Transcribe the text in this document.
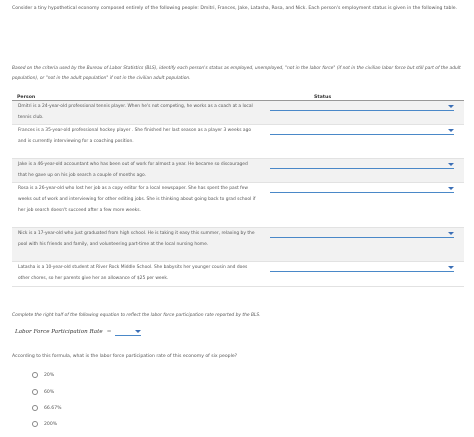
Consider a tiny hypothetical economy composed entirely of the following people: Dmitri, Frances, Jake, Latasha, Rosa, and Nick. Each person's employment status is given in the following table.
Based on the criteria used by the Bureau of Labor Statistics (BLS), identify each person's status as employed, unemployed, "not in the labor force" (if not in the civilian labor force but still part of the adult population), or "not in the adult population" if not in the civilian adult population.
Person	Status
Dmitri is a 24-year-old professional tennis player. When he's not competing, he works as a coach at a local tennis club.
Frances is a 35-year-old professional hockey player . She finished her last season as a player 3 weeks ago and is currently interviewing for a coaching position.
Jake is a 46-year-old accountant who has been out of work for almost a year. He became so discouraged that he gave up on his job search a couple of months ago.
Rosa is a 26-year-old who lost her job as a copy editor for a local newspaper. She has spent the past few weeks out of work and interviewing for other editing jobs. She is thinking about going back to grad school if her job search doesn't succeed after a few more weeks.
Nick is a 17-year-old who just graduated from high school. He is taking it easy this summer, relaxing by the pool with his friends and family, and volunteering part-time at the local nursing home.
Latasha is a 10-year-old student at River Rock Middle School. She babysits her younger cousin and does other chores, so her parents give her an allowance of $25 per week.
Complete the right half of the following equation to reflect the labor force participation rate reported by the BLS.
Labor Force Participation Rate =
According to this formula, what is the labor force participation rate of this economy of six people?
20%
60%
66.67%
200%
